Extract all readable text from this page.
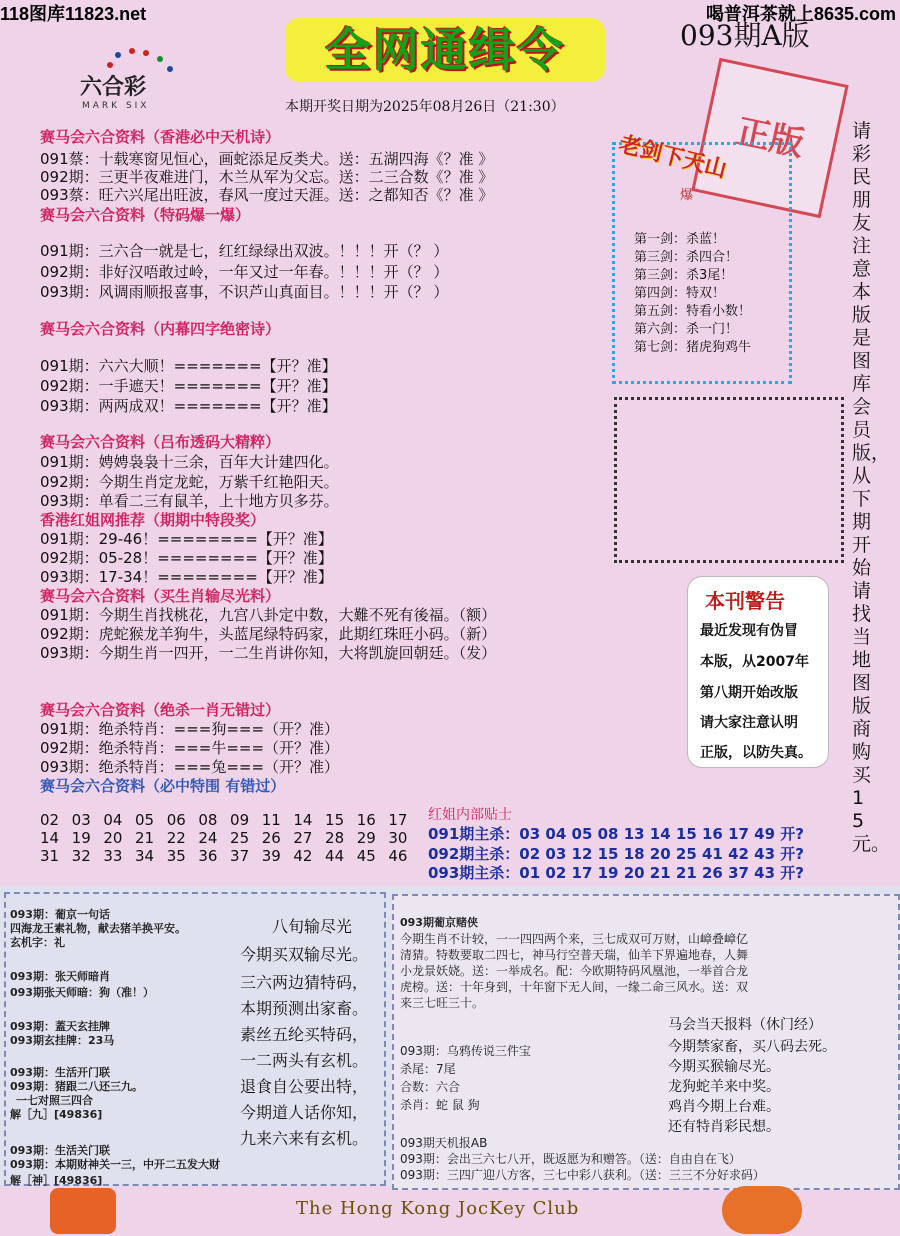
118图库11823.net	喝普洱茶就上8635.com
六合彩
MARK SIX
全网通缉令	093期A版
正版
本期开奖日期为2025年08月26日（21:30）
赛马会六合资料（香港必中天机诗）
091蔡：十载寒窗见恒心，画蛇添足反类犬。送：五湖四海《？准 》
092期：三更半夜难进门，木兰从军为父忘。送：二三合数《？准 》
093蔡：旺六兴尾出旺波，春风一度过天涯。送：之都知否《？准 》
赛马会六合资料（特码爆一爆）
091期：三六合一就是七，红红绿绿出双波。！！！开（？ ）
092期：非好汉唔敢过岭，一年又过一年春。！！！开（？ ）
093期：风调雨顺报喜事，不识芦山真面目。！！！开（？ ）
赛马会六合资料（内幕四字绝密诗）
091期：六六大顺！=======【开？准】
092期：一手遮天！=======【开？准】
093期：两两成双！=======【开？准】
赛马会六合资料（吕布透码大精粹）
091期：娉娉袅袅十三余，百年大计建四化。
092期：今期生肖定龙蛇，万紫千红艳阳天。
093期：单看二三有鼠羊，上十地方贝多芬。
香港红姐网推荐（期期中特段奖）
091期：29-46！========【开？准】
092期：05-28！========【开？准】
093期：17-34！========【开？准】
赛马会六合资料（买生肖输尽光料）
091期：今期生肖找桃花，九宫八卦定中数，大難不死有後福。（额）
092期：虎蛇猴龙羊狗牛，头蓝尾绿特码家，此期红珠旺小码。（新）
093期：今期生肖一四开，一二生肖讲你知，大将凯旋回朝廷。（发）
赛马会六合资料（绝杀一肖无错过）
091期：绝杀特肖：===狗===（开？准）
092期：绝杀特肖：===牛===（开？准）
093期：绝杀特肖：===兔===（开？准）
赛马会六合资料（必中特围 有错过）
02 03 04 05 06 08 09 11 14 15 16 17
14 19 20 21 22 24 25 26 27 28 29 30
31 32 33 34 35 36 37 39 42 44 45 46
红姐内部贴士
091期主杀：03 04 05 08 13 14 15 16 17 49 开?
092期主杀：02 03 12 15 18 20 25 41 42 43 开?
093期主杀：01 02 17 19 20 21 21 26 37 43 开?
老剑下天山
爆
第一剑：杀蓝！
第三剑：杀四合！
第三剑：杀3尾！
第四剑：特双！
第五剑：特看小数！
第六剑：杀一门！
第七剑：猪虎狗鸡牛
本刊警告
最近发现有伪冒
本版，从2007年
第八期开始改版
请大家注意认明
正版，以防失真。
请彩民朋友注意本版是图库会员版，从下期开始请找当地图版商购买15元。
093期：葡京一句话
四海龙王素礼物，献去猪羊换平安。
玄机字：礼
093期：张天师暗肖
093期张天师暗：狗（准！）
093期：蓋天玄挂牌
093期玄挂牌：23马
093期：生活开门联
093期：猪跟二八还三九。
一七对照三四合
解［九］[49836]
093期：生活关门联
093期：本期财神关一三，中开二五发大财
解［神］[49836]
八旬输尽光
今期买双输尽光。
三六两边猜特码，
本期预测出家畜。
素丝五纶买特码，
一二两头有玄机。
退食自公要出特，
今期道人话你知，
九来六来有玄机。
093期葡京赌侠
今期生肖不计较，一一四四两个来，三七成双可万财，山嶂叠嶂亿
清猜。特数要取二四七，神马行空普天瑞，仙羊下界遍地春，人舞
小龙景妖娆。送：一举成名。配：今欧期特码风凰池，一举首合龙
虎榜。送：十年身到，十年窗下无人间，一缘二命三风水。送：双
来三七旺三十。
马会当天报料（休门经）
今期禁家畜，买八码去死。
今期买猴输尽光。
龙狗蛇羊来中奖。
鸡肖今期上台难。
还有特肖彩民想。
093期：乌鸦传说三件宝
杀尾：7尾
合数：六合
杀肖：蛇 鼠 狗
093期天机报AB
093期：会出三六七八开，既返愿为和赠答。（送：自由自在飞）
093期：三四广迎八方客，三七中彩八获利。（送：三三不分好求码）
The Hong Kong JocKey Club
